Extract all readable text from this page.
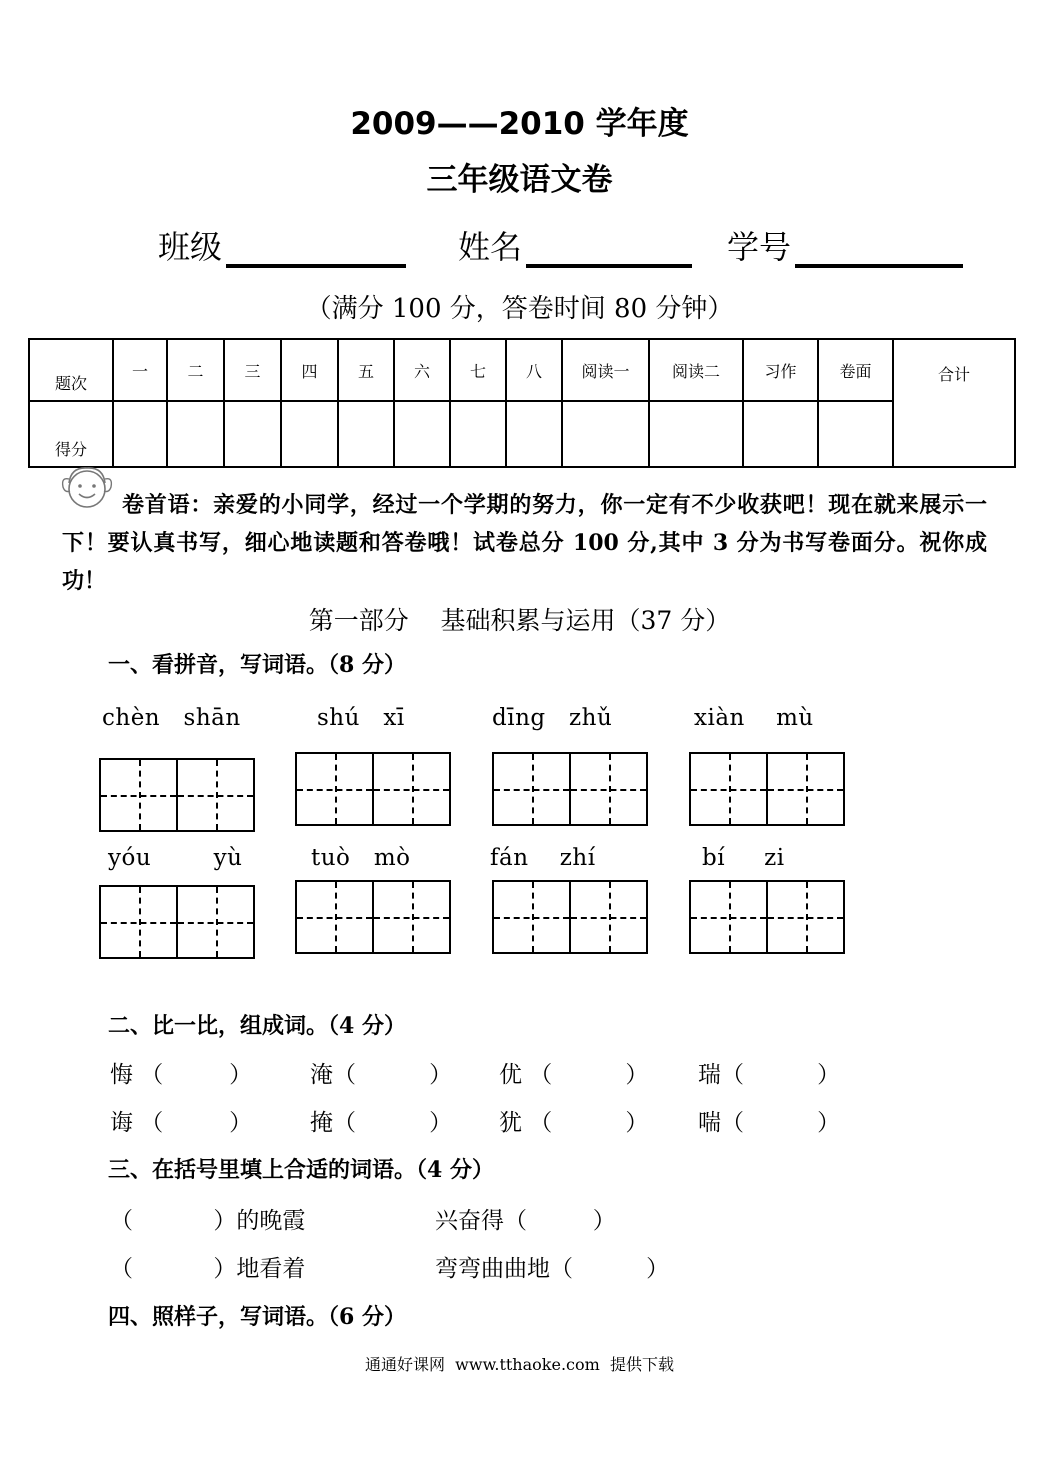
2009——2010 学年度
三年级语文卷
班级	姓名	学号
（满分 100 分，答卷时间 80 分钟）
题次	一	二	三	四	五	六	七	八	阅读一	阅读二	习作	卷面	合计
得分													
卷首语：亲爱的小同学，经过一个学期的努力，你一定有不少收获吧！现在就来展示一下！要认真书写，细心地读题和答卷哦！试卷总分 100 分,其中 3 分为书写卷面分。祝你成功！
第一部分    基础积累与运用（37 分）
一、看拼音，写词语。（8 分）
chèn   shān	shú   xī	dīng   zhǔ	xiàn    mù
yóu        yù	tuò   mò	fán    zhí	bí     zi
二、比一比，组成词。（4 分）
悔 （         ）	淹（          ） 优 （          ） 瑞（          ）
诲 （         ）	掩（          ） 犹 （          ） 喘（          ）
三、在括号里填上合适的词语。（4 分）
（           ）的晚霞	兴奋得（         ）
（           ）地看着	弯弯曲曲地（          ）
四、照样子，写词语。（6 分）
通通好课网  www.tthaoke.com  提供下载
